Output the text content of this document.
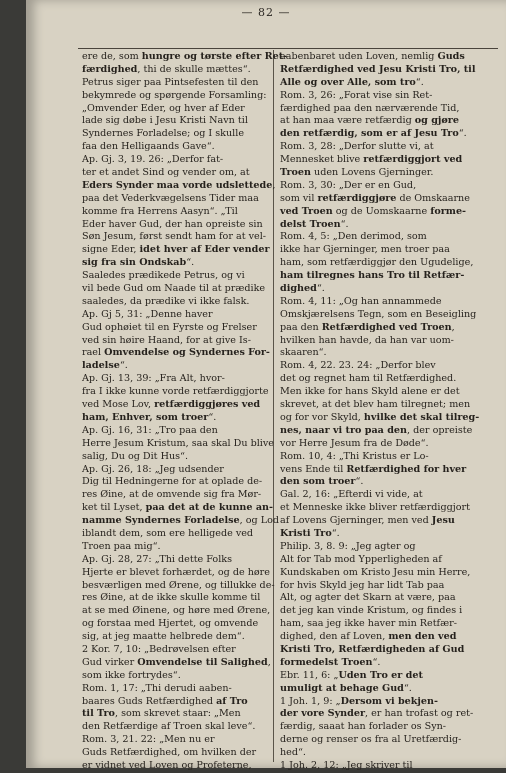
— 82 —
ere de, som hungre og tørste efter Ret-
færdighed, thi de skulle mættes“.
Petrus siger paa Pintsefesten til den
bekymrede og spørgende Forsamling:
„Omvender Eder, og hver af Eder
lade sig døbe i Jesu Kristi Navn til
Syndernes Forladelse; og I skulle
faa den Helligaands Gave“.
Ap. Gj. 3, 19. 26: „Derfor fat-
ter et andet Sind og vender om, at
Eders Synder maa vorde udslettede,
paa det Vederkvægelsens Tider maa
komme fra Herrens Aasyn“. „Til
Eder haver Gud, der han opreiste sin
Søn Jesum, først sendt ham for at vel-
signe Eder, idet hver af Eder vender
sig fra sin Ondskab“.
Saaledes prædikede Petrus, og vi
vil bede Gud om Naade til at prædike
saaledes, da prædike vi ikke falsk.
Ap. Gj 5, 31: „Denne haver
Gud ophøiet til en Fyrste og Frelser
ved sin høire Haand, for at give Is-
rael Omvendelse og Syndernes For-
ladelse“.
Ap. Gj. 13, 39: „Fra Alt, hvor-
fra I ikke kunne vorde retfærdiggjorte
ved Mose Lov, retfærdiggjøres ved
ham, Enhver, som troer“.
Ap. Gj. 16, 31: „Tro paa den
Herre Jesum Kristum, saa skal Du blive
salig, Du og Dit Hus“.
Ap. Gj. 26, 18: „Jeg udsender
Dig til Hedningerne for at oplade de-
res Øine, at de omvende sig fra Mør-
ket til Lyset, paa det at de kunne an-
namme Syndernes Forladelse, og Lod
iblandt dem, som ere helligede ved
Troen paa mig“.
Ap. Gj. 28, 27: „Thi dette Folks
Hjerte er blevet forhærdet, og de høre
besværligen med Ørene, og tillukke de-
res Øine, at de ikke skulle komme til
at se med Øinene, og høre med Ørene,
og forstaa med Hjertet, og omvende
sig, at jeg maatte helbrede dem“.
2 Kor. 7, 10: „Bedrøvelsen efter
Gud virker Omvendelse til Salighed,
som ikke fortrydes“.
Rom. 1, 17: „Thi derudi aaben-
baares Guds Retfærdighed af Tro
til Tro, som skrevet staar: „Men
den Retfærdige af Troen skal leve“.
Rom. 3, 21. 22: „Men nu er
Guds Retfærdighed, om hvilken der
er vidnet ved Loven og Profeterne,
aabenbaret uden Loven, nemlig Guds
Retfærdighed ved Jesu Kristi Tro, til
Alle og over Alle, som tro“.
Rom. 3, 26: „Forat vise sin Ret-
færdighed paa den nærværende Tid,
at han maa være retfærdig og gjøre
den retfærdig, som er af Jesu Tro“.
Rom. 3, 28: „Derfor slutte vi, at
Mennesket blive retfærdiggjort ved
Troen uden Lovens Gjerninger.
Rom. 3, 30: „Der er en Gud,
som vil retfærdiggjøre de Omskaarne
ved Troen og de Uomskaarne forme-
delst Troen“.
Rom. 4, 5: „Den derimod, som
ikke har Gjerninger, men troer paa
ham, som retfærdiggjør den Ugudelige,
ham tilregnes hans Tro til Retfær-
dighed“.
Rom. 4, 11: „Og han annammede
Omskjærelsens Tegn, som en Beseigling
paa den Retfærdighed ved Troen,
hvilken han havde, da han var uom-
skaaren“.
Rom. 4, 22. 23. 24: „Derfor blev
det og regnet ham til Retfærdighed.
Men ikke for hans Skyld alene er det
skrevet, at det blev ham tilregnet; men
og for vor Skyld, hvilke det skal tilreg-
nes, naar vi tro paa den, der opreiste
vor Herre Jesum fra de Døde“.
Rom. 10, 4: „Thi Kristus er Lo-
vens Ende til Retfærdighed for hver
den som troer“.
Gal. 2, 16: „Efterdi vi vide, at
et Menneske ikke bliver retfærdiggjort
af Lovens Gjerninger, men ved Jesu
Kristi Tro“.
Philip. 3, 8. 9: „Jeg agter og
Alt for Tab mod Ypperligheden af
Kundskaben om Kristo Jesu min Herre,
for hvis Skyld jeg har lidt Tab paa
Alt, og agter det Skarn at være, paa
det jeg kan vinde Kristum, og findes i
ham, saa jeg ikke haver min Retfær-
dighed, den af Loven, men den ved
Kristi Tro, Retfærdigheden af Gud
formedelst Troen“.
Ebr. 11, 6: „Uden Tro er det
umuligt at behage Gud“.
1 Joh. 1, 9: „Dersom vi bekjen-
der vore Synder, er han trofast og ret-
færdig, saaat han forlader os Syn-
derne og renser os fra al Uretfærdig-
hed“.
1 Joh. 2, 12: „Jeg skriver til
